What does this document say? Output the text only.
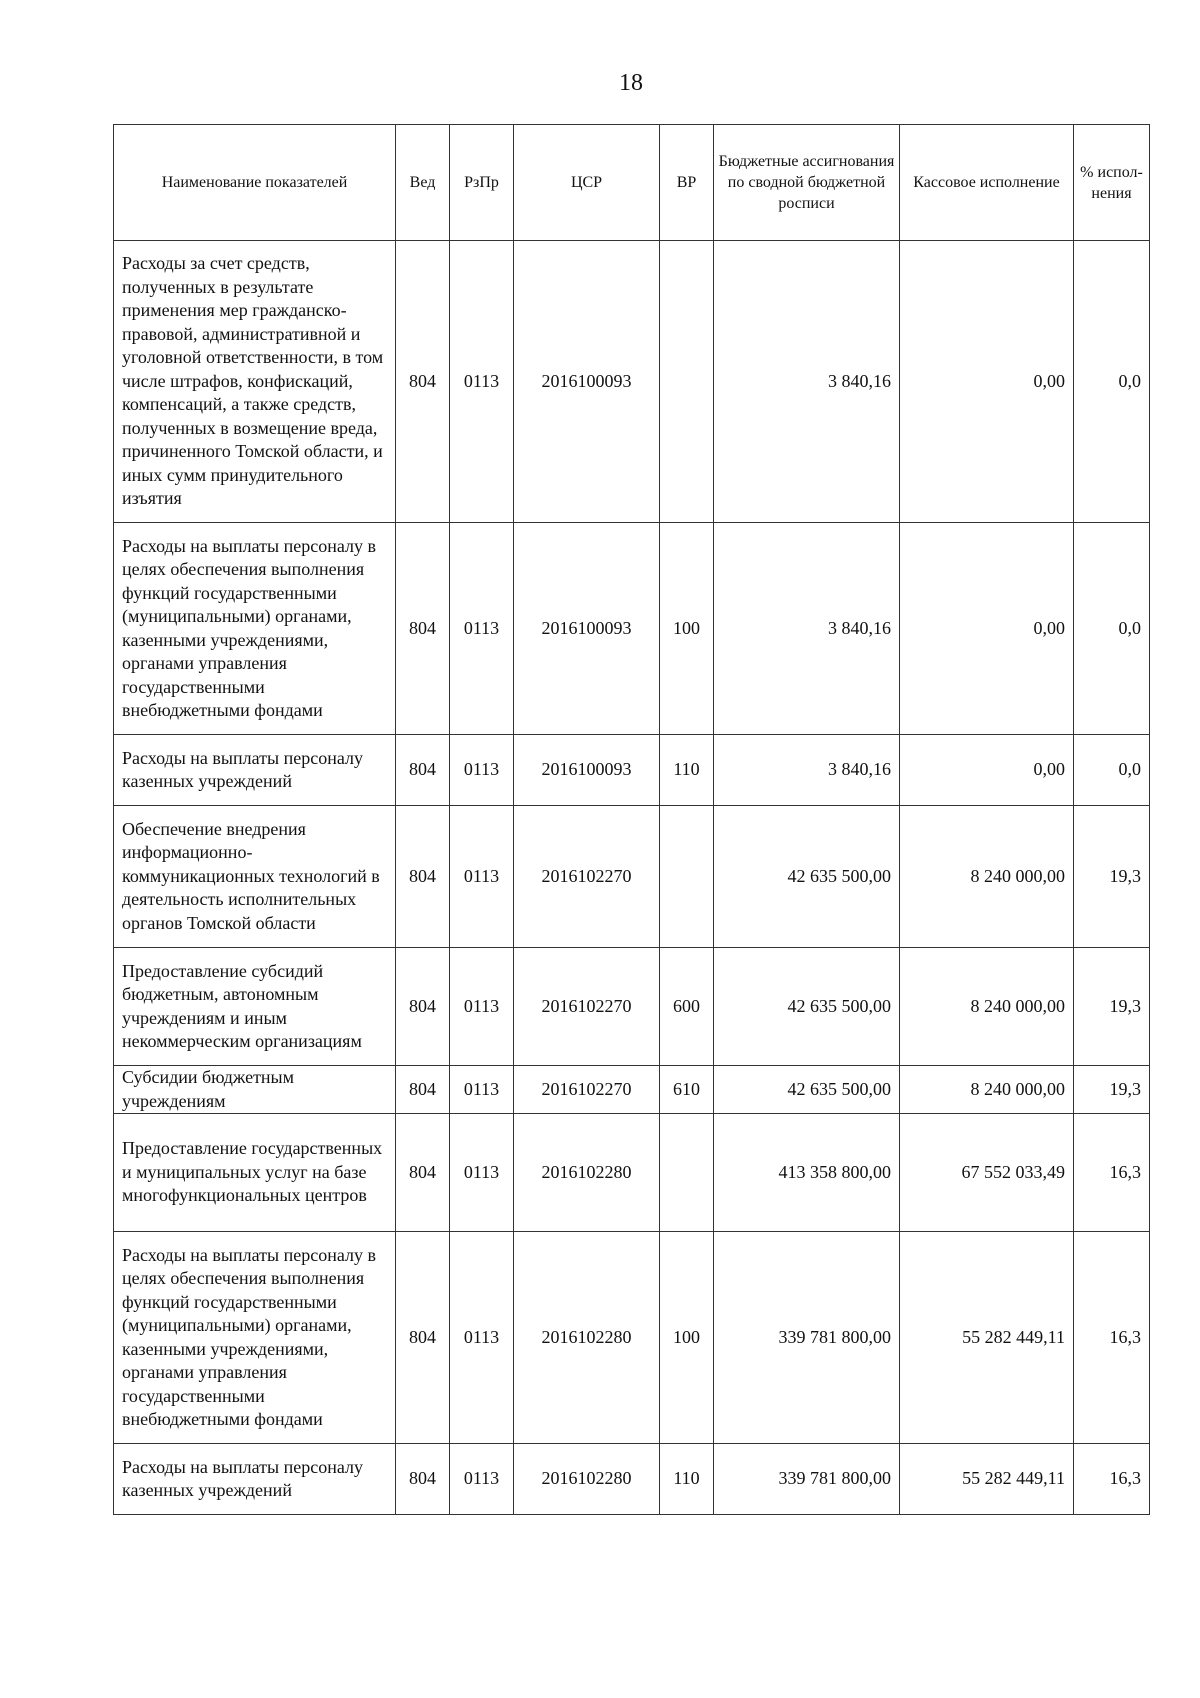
18
Наименование показателей	Вед	РзПр	ЦСР	ВР	Бюджетные ассигнования по сводной бюджетной росписи	Кассовое исполнение	% испол-нения
Расходы за счет средств, полученных в результате применения мер гражданско-правовой, административной и уголовной ответственности, в том числе штрафов, конфискаций, компенсаций, а также средств, полученных в возмещение вреда, причиненного Томской области, и иных сумм принудительного изъятия	804	0113	2016100093		3 840,16	0,00	0,0
Расходы на выплаты персоналу в целях обеспечения выполнения функций государственными (муниципальными) органами, казенными учреждениями, органами управления государственными внебюджетными фондами	804	0113	2016100093	100	3 840,16	0,00	0,0
Расходы на выплаты персоналу казенных учреждений	804	0113	2016100093	110	3 840,16	0,00	0,0
Обеспечение внедрения информационно-коммуникационных технологий в деятельность исполнительных органов Томской области	804	0113	2016102270		42 635 500,00	8 240 000,00	19,3
Предоставление субсидий бюджетным, автономным учреждениям и иным некоммерческим организациям	804	0113	2016102270	600	42 635 500,00	8 240 000,00	19,3
Субсидии бюджетным учреждениям	804	0113	2016102270	610	42 635 500,00	8 240 000,00	19,3
Предоставление государственных и муниципальных услуг на базе многофункциональных центров	804	0113	2016102280		413 358 800,00	67 552 033,49	16,3
Расходы на выплаты персоналу в целях обеспечения выполнения функций государственными (муниципальными) органами, казенными учреждениями, органами управления государственными внебюджетными фондами	804	0113	2016102280	100	339 781 800,00	55 282 449,11	16,3
Расходы на выплаты персоналу казенных учреждений	804	0113	2016102280	110	339 781 800,00	55 282 449,11	16,3
